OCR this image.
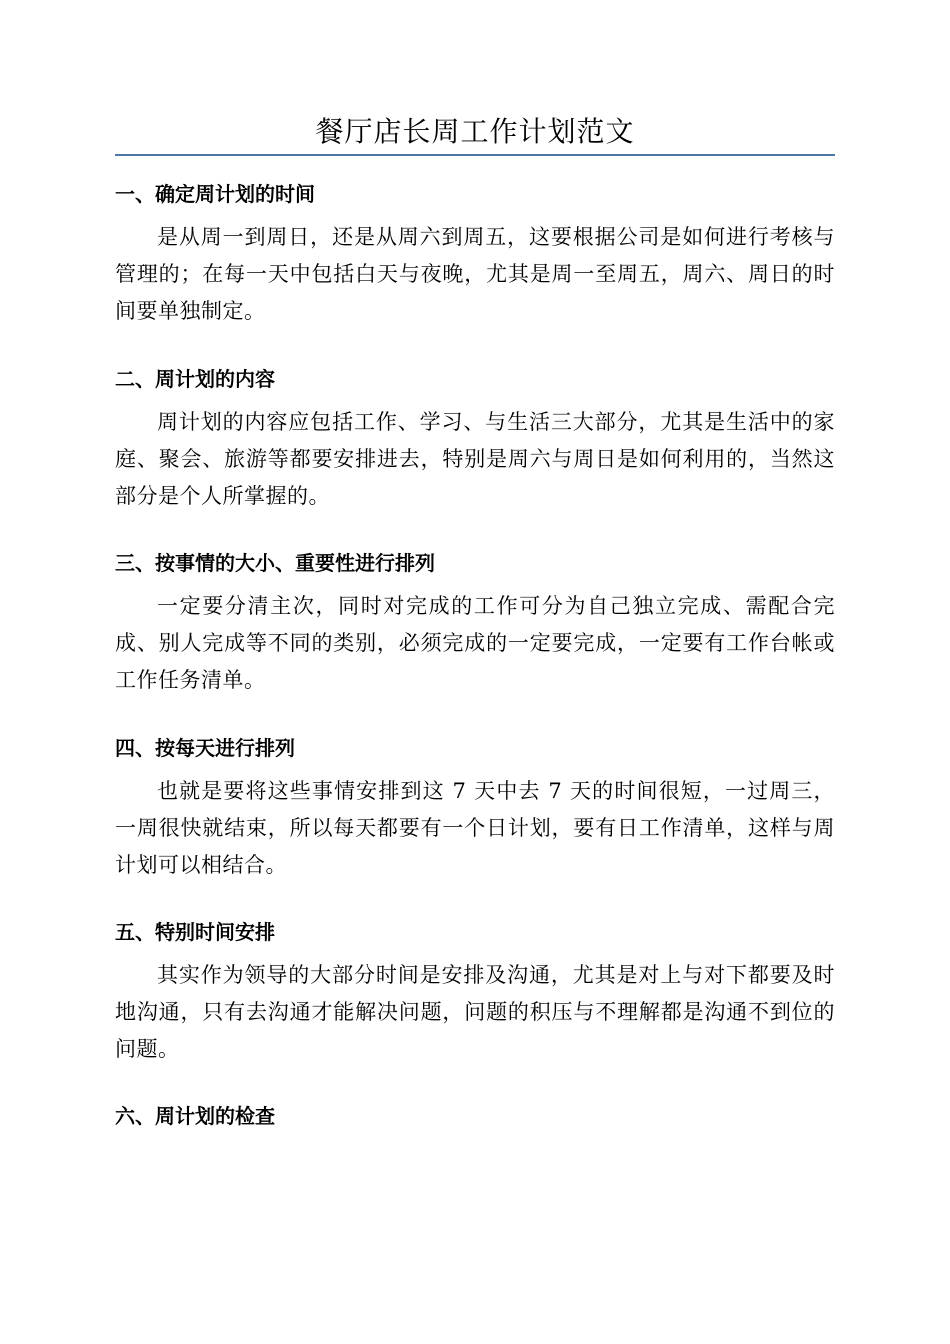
餐厅店长周工作计划范文

一、确定周计划的时间

是从周一到周日，还是从周六到周五，这要根据公司是如何进行考核与管理的；在每一天中包括白天与夜晚，尤其是周一至周五，周六、周日的时间要单独制定。

二、周计划的内容

周计划的内容应包括工作、学习、与生活三大部分，尤其是生活中的家庭、聚会、旅游等都要安排进去，特别是周六与周日是如何利用的，当然这部分是个人所掌握的。

三、按事情的大小、重要性进行排列

一定要分清主次，同时对完成的工作可分为自己独立完成、需配合完成、别人完成等不同的类别，必须完成的一定要完成，一定要有工作台帐或工作任务清单。

四、按每天进行排列

也就是要将这些事情安排到这 7 天中去 7 天的时间很短，一过周三，一周很快就结束，所以每天都要有一个日计划，要有日工作清单，这样与周计划可以相结合。

五、特别时间安排

其实作为领导的大部分时间是安排及沟通，尤其是对上与对下都要及时地沟通，只有去沟通才能解决问题，问题的积压与不理解都是沟通不到位的问题。

六、周计划的检查
